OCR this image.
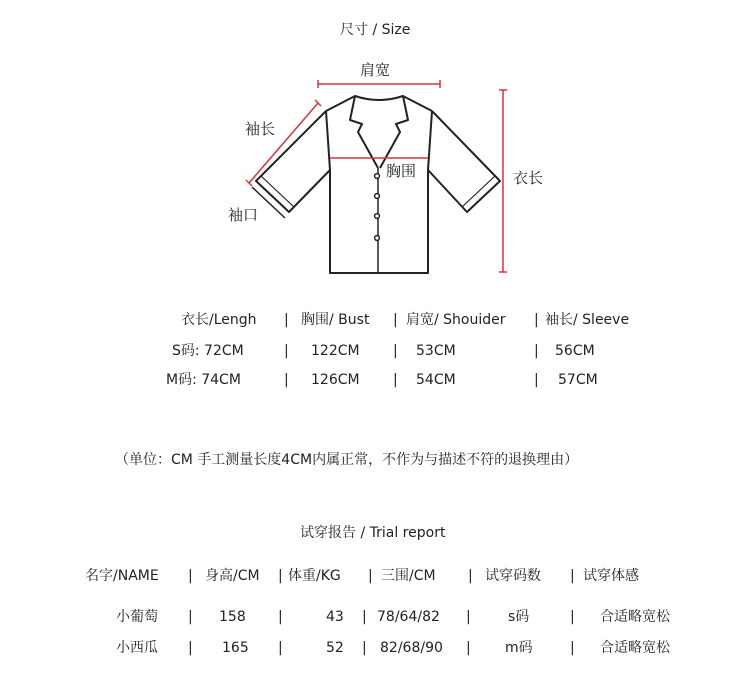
尺寸 / Size
肩宽
袖长
胸围	衣长
袖口
衣长/Lengh | 胸围/ Bust | 肩宽/ Shouider | 袖长/ Sleeve
S码: 72CM	| 122CM | 53CM	| 56CM
M码: 74CM	| 126CM | 54CM	| 57CM
（单位：CM 手工测量长度4CM内属正常，不作为与描述不符的退换理由）
试穿报告 / Trial report
名字/NAME | 身高/CM | 体重/KG | 三围/CM | 试穿码数 | 试穿体感
小葡萄 | 158 |	43 | 78/64/82 |	s码	| 合适略宽松
小西瓜 | 165 |	52 | 82/68/90 | m码	| 合适略宽松
